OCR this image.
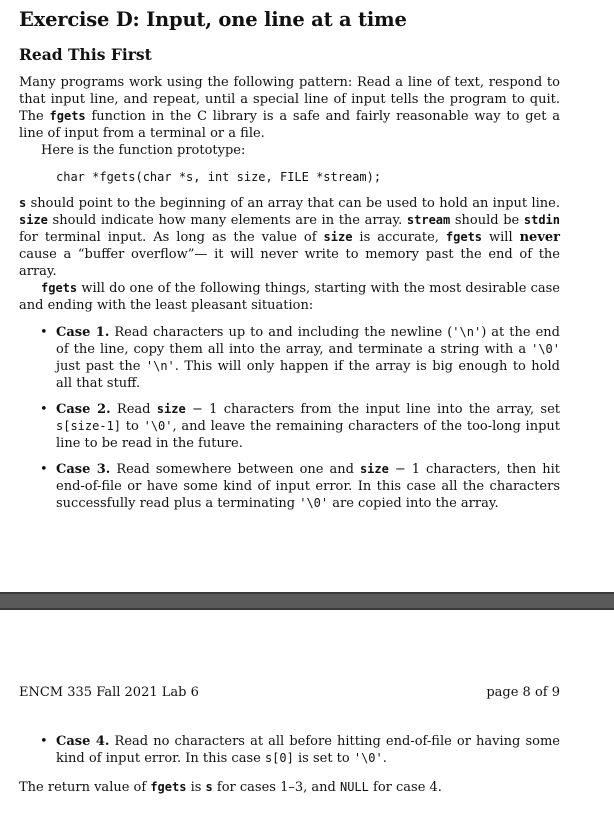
Exercise D: Input, one line at a time
Read This First

Many programs work using the following pattern: Read a line of text, respond to that input line, and repeat, until a special line of input tells the program to quit. The fgets function in the C library is a safe and fairly reasonable way to get a line of input from a terminal or a file.

Here is the function prototype:

char *fgets(char *s, int size, FILE *stream);

s should point to the beginning of an array that can be used to hold an input line. size should indicate how many elements are in the array. stream should be stdin for terminal input. As long as the value of size is accurate, fgets will never cause a “buffer overflow”— it will never write to memory past the end of the array.

fgets will do one of the following things, starting with the most desirable case and ending with the least pleasant situation:

• Case 1. Read characters up to and including the newline ('\n') at the end of the line, copy them all into the array, and terminate a string with a '\0' just past the '\n'. This will only happen if the array is big enough to hold all that stuff.
• Case 2. Read size − 1 characters from the input line into the array, set s[size-1] to '\0', and leave the remaining characters of the too-long input line to be read in the future.
• Case 3. Read somewhere between one and size − 1 characters, then hit end-of-file or have some kind of input error. In this case all the characters successfully read plus a terminating '\0' are copied into the array.
ENCM 335 Fall 2021 Lab 6	page 8 of 9
• Case 4. Read no characters at all before hitting end-of-file or having some kind of input error. In this case s[0] is set to '\0'.

The return value of fgets is s for cases 1–3, and NULL for case 4.
